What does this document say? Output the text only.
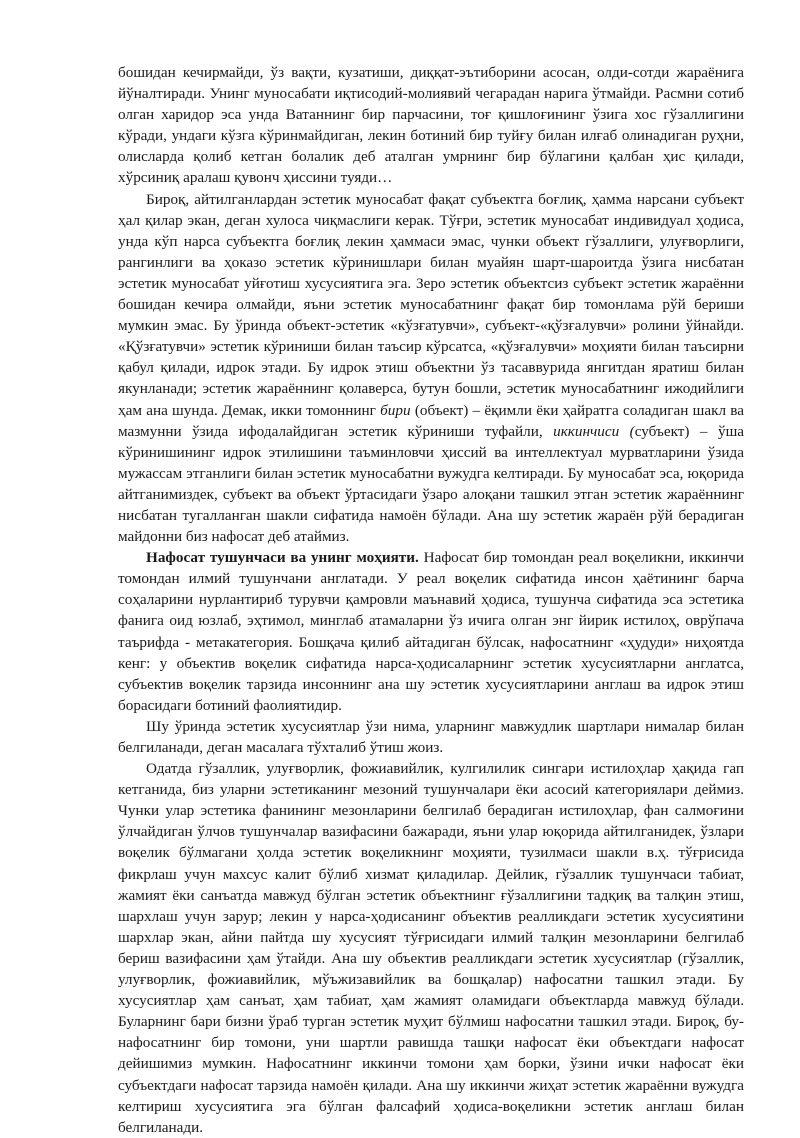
бошидан кечирмайди, ўз вақти, кузатиши, диққат-эътиборини асосан, олди-сотди жараёнига йўналтиради. Унинг муносабати иқтисодий-молиявий чегарадан нарига ўтмайди. Расмни сотиб олган харидор эса унда Ватаннинг бир парчасини, тоғ қишлоғининг ўзига хос гўзаллигини кўради, ундаги кўзга кўринмайдиган, лекин ботиний бир туйғу билан илғаб олинадиган руҳни, олисларда қолиб кетган болалик деб аталган умрнинг бир бўлагини қалбан ҳис қилади, хўрсиниқ аралаш қувонч ҳиссини туяди…

Бироқ, айтилганлардан эстетик муносабат фақат субъектга боғлиқ, ҳамма нарсани субъект ҳал қилар экан, деган хулоса чиқмаслиги керак. Тўғри, эстетик муносабат индивидуал ҳодиса, унда кўп нарса субъектга боғлиқ лекин ҳаммаси эмас, чунки объект гўзаллиги, улуғворлиги, рангинлиги ва ҳоказо эстетик кўринишлари билан муайян шарт-шароитда ўзига нисбатан эстетик муносабат уйғотиш хусусиятига эга. Зеро эстетик объектсиз субъект эстетик жараённи бошидан кечира олмайди, яъни эстетик муносабатнинг фақат бир томонлама рўй бериши мумкин эмас. Бу ўринда объект-эстетик «кўзғатувчи», субъект-«қўзғалувчи» ролини ўйнайди. «Қўзғатувчи» эстетик кўриниши билан таъсир кўрсатса, «қўзғалувчи» моҳияти билан таъсирни қабул қилади, идрок этади. Бу идрок этиш объектни ўз тасаввурида янгитдан яратиш билан якунланади; эстетик жараённинг қолаверса, бутун бошли, эстетик муносабатнинг ижодийлиги ҳам ана шунда. Демак, икки томоннинг бири (объект) – ёқимли ёки ҳайратга соладиган шакл ва мазмунни ўзида ифодалайдиган эстетик кўриниши туфайли, иккинчиси (субъект) – ўша кўринишининг идрок этилишини таъминловчи ҳиссий ва интеллектуал мурватларини ўзида мужассам этганлиги билан эстетик муносабатни вужудга келтиради. Бу муносабат эса, юқорида айтганимиздек, субъект ва объект ўртасидаги ўзаро алоқани ташкил этган эстетик жараённинг нисбатан тугалланган шакли сифатида намоён бўлади. Ана шу эстетик жараён рўй берадиган майдонни биз нафосат деб атаймиз.

Нафосат тушунчаси ва унинг моҳияти. Нафосат бир томондан реал воқеликни, иккинчи томондан илмий тушунчани англатади. У реал воқелик сифатида инсон ҳаётининг барча соҳаларини нурлантириб турувчи қамровли маънавий ҳодиса, тушунча сифатида эса эстетика фанига оид юзлаб, эҳтимол, минглаб атамаларни ўз ичига олган энг йирик истилоҳ, оврўпача таърифда - метакатегория. Бошқача қилиб айтадиган бўлсак, нафосатнинг «ҳудуди» ниҳоятда кенг: у объектив воқелик сифатида нарса-ҳодисаларнинг эстетик хусусиятларни англатса, субъектив воқелик тарзида инсоннинг ана шу эстетик хусусиятларини англаш ва идрок этиш борасидаги ботиний фаолиятидир.

Шу ўринда эстетик хусусиятлар ўзи нима, уларнинг мавжудлик шартлари нималар билан белгиланади, деган масалага тўхталиб ўтиш жоиз.

Одатда гўзаллик, улуғворлик, фожиавийлик, кулгилилик сингари истилоҳлар ҳақида гап кетганида, биз уларни эстетиканинг мезоний тушунчалари ёки асосий категориялари деймиз. Чунки улар эстетика фанининг мезонларини белгилаб берадиган истилоҳлар, фан салмоғини ўлчайдиган ўлчов тушунчалар вазифасини бажаради, яъни улар юқорида айтилганидек, ўзлари воқелик бўлмагани ҳолда эстетик воқеликнинг моҳияти, тузилмаси шакли в.ҳ. тўғрисида фикрлаш учун махсус калит бўлиб хизмат қиладилар. Дейлик, гўзаллик тушунчаси табиат, жамият ёки санъатда мавжуд бўлган эстетик объектнинг ғўзаллигини тадқиқ ва талқин этиш, шархлаш учун зарур; лекин у нарса-ҳодисанинг объектив реалликдаги эстетик хусусиятини шархлар экан, айни пайтда шу хусусият тўғрисидаги илмий талқин мезонларини белгилаб бериш вазифасини ҳам ўтайди. Ана шу объектив реалликдаги эстетик хусусиятлар (гўзаллик, улуғворлик, фожиавийлик, мўъжизавийлик ва бошқалар) нафосатни ташкил этади. Бу хусусиятлар ҳам санъат, ҳам табиат, ҳам жамият оламидаги объектларда мавжуд бўлади. Буларнинг бари бизни ўраб турган эстетик муҳит бўлмиш нафосатни ташкил этади. Бироқ, бу-нафосатнинг бир томони, уни шартли равишда ташқи нафосат ёки объектдаги нафосат дейишимиз мумкин. Нафосатнинг иккинчи томони ҳам борки, ўзини ички нафосат ёки субъектдаги нафосат тарзида намоён қилади. Ана шу иккинчи жиҳат эстетик жараённи вужудга келтириш хусусиятига эга бўлган фалсафий ҳодиса-воқеликни эстетик англаш билан белгиланади.
